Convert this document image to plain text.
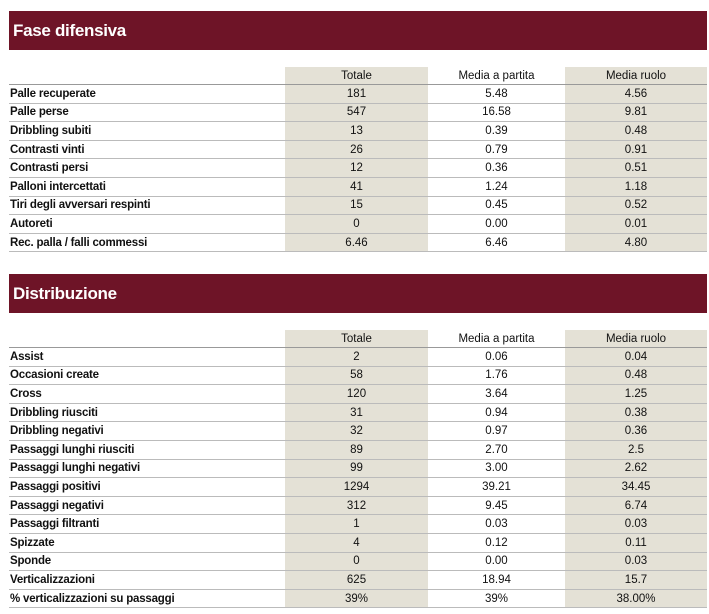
Fase difensiva
	Totale	Media a partita	Media ruolo
Palle recuperate	181	5.48	4.56
Palle perse	547	16.58	9.81
Dribbling subiti	13	0.39	0.48
Contrasti vinti	26	0.79	0.91
Contrasti persi	12	0.36	0.51
Palloni intercettati	41	1.24	1.18
Tiri degli avversari respinti	15	0.45	0.52
Autoreti	0	0.00	0.01
Rec. palla / falli commessi	6.46	6.46	4.80
Distribuzione
	Totale	Media a partita	Media ruolo
Assist	2	0.06	0.04
Occasioni create	58	1.76	0.48
Cross	120	3.64	1.25
Dribbling riusciti	31	0.94	0.38
Dribbling negativi	32	0.97	0.36
Passaggi lunghi riusciti	89	2.70	2.5
Passaggi lunghi negativi	99	3.00	2.62
Passaggi positivi	1294	39.21	34.45
Passaggi negativi	312	9.45	6.74
Passaggi filtranti	1	0.03	0.03
Spizzate	4	0.12	0.11
Sponde	0	0.00	0.03
Verticalizzazioni	625	18.94	15.7
% verticalizzazioni su passaggi	39%	39%	38.00%
